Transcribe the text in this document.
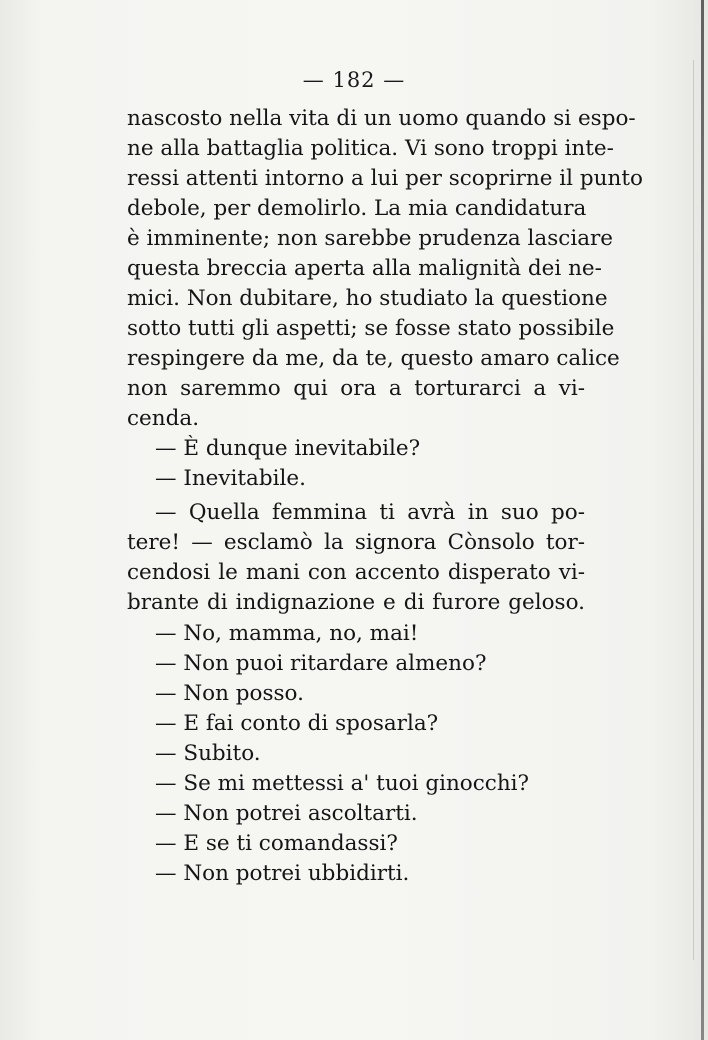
— 182 —
nascosto nella vita di un uomo quando si espo-
ne alla battaglia politica. Vi sono troppi inte-
ressi attenti intorno a lui per scoprirne il punto
debole, per demolirlo. La mia candidatura
è imminente; non sarebbe prudenza lasciare
questa breccia aperta alla malignità dei ne-
mici. Non dubitare, ho studiato la questione
sotto tutti gli aspetti; se fosse stato possibile
respingere da me, da te, questo amaro calice
non saremmo qui ora a torturarci a vi-
cenda.
— È dunque inevitabile?
— Inevitabile.
— Quella femmina ti avrà in suo po-
tere! — esclamò la signora Cònsolo tor-
cendosi le mani con accento disperato vi-
brante di indignazione e di furore geloso.
— No, mamma, no, mai!
— Non puoi ritardare almeno?
— Non posso.
— E fai conto di sposarla?
— Subito.
— Se mi mettessi a' tuoi ginocchi?
— Non potrei ascoltarti.
— E se ti comandassi?
— Non potrei ubbidirti.
